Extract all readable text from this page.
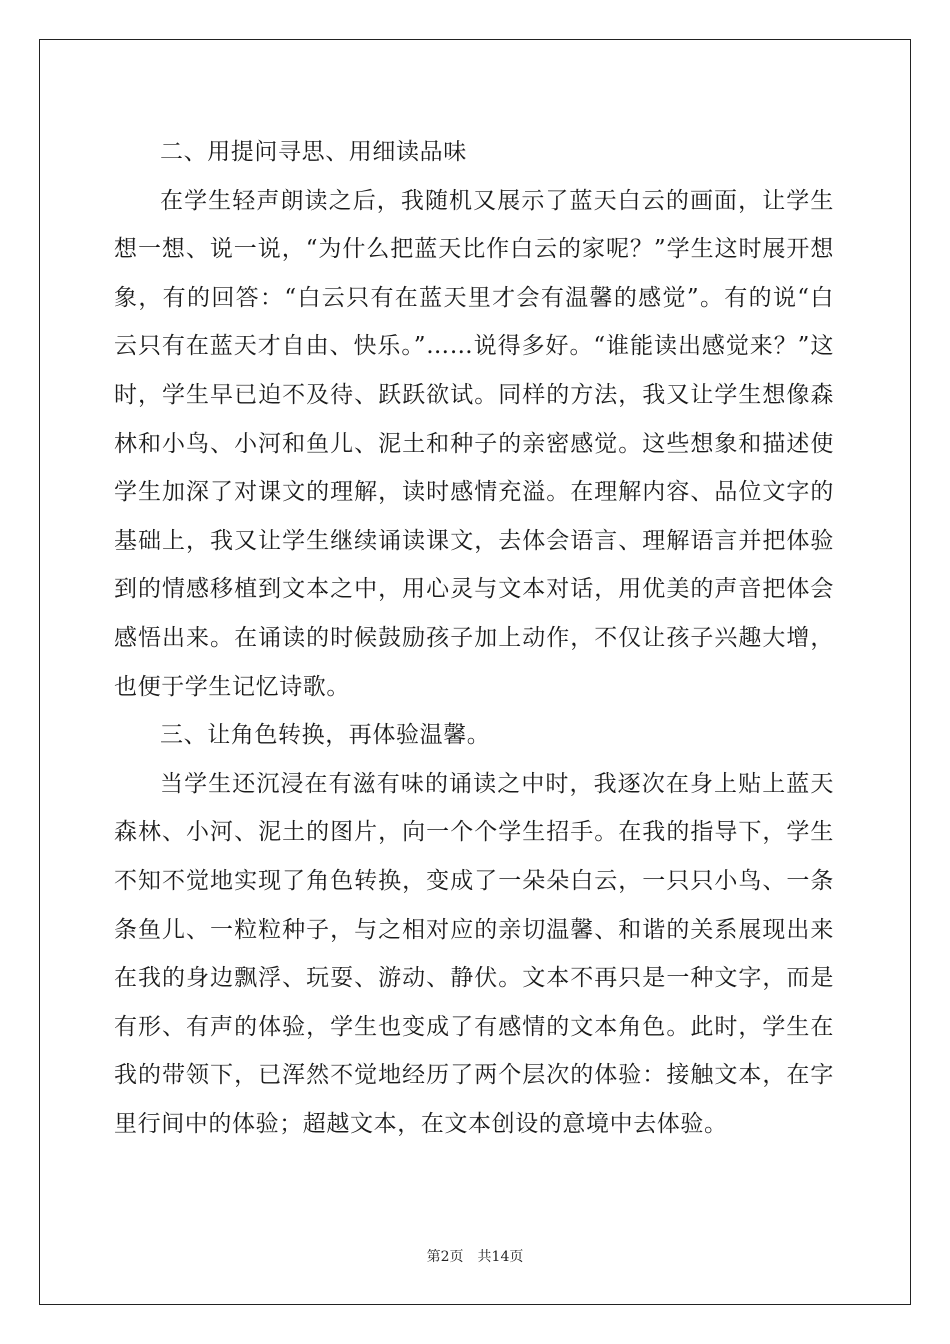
二、用提问寻思、用细读品味

在学生轻声朗读之后，我随机又展示了蓝天白云的画面，让学生想一想、说一说，“为什么把蓝天比作白云的家呢？”学生这时展开想象，有的回答：“白云只有在蓝天里才会有温馨的感觉”。有的说“白云只有在蓝天才自由、快乐。”……说得多好。“谁能读出感觉来？”这时，学生早已迫不及待、跃跃欲试。同样的方法，我又让学生想像森林和小鸟、小河和鱼儿、泥土和种子的亲密感觉。这些想象和描述使学生加深了对课文的理解，读时感情充溢。在理解内容、品位文字的基础上，我又让学生继续诵读课文，去体会语言、理解语言并把体验到的情感移植到文本之中，用心灵与文本对话，用优美的声音把体会感悟出来。在诵读的时候鼓励孩子加上动作，不仅让孩子兴趣大增，也便于学生记忆诗歌。

三、让角色转换，再体验温馨。

当学生还沉浸在有滋有味的诵读之中时，我逐次在身上贴上蓝天森林、小河、泥土的图片，向一个个学生招手。在我的指导下，学生不知不觉地实现了角色转换，变成了一朵朵白云，一只只小鸟、一条条鱼儿、一粒粒种子，与之相对应的亲切温馨、和谐的关系展现出来在我的身边飘浮、玩耍、游动、静伏。文本不再只是一种文字，而是有形、有声的体验，学生也变成了有感情的文本角色。此时，学生在我的带领下，已浑然不觉地经历了两个层次的体验：接触文本，在字里行间中的体验；超越文本，在文本创设的意境中去体验。

第2页 共14页
